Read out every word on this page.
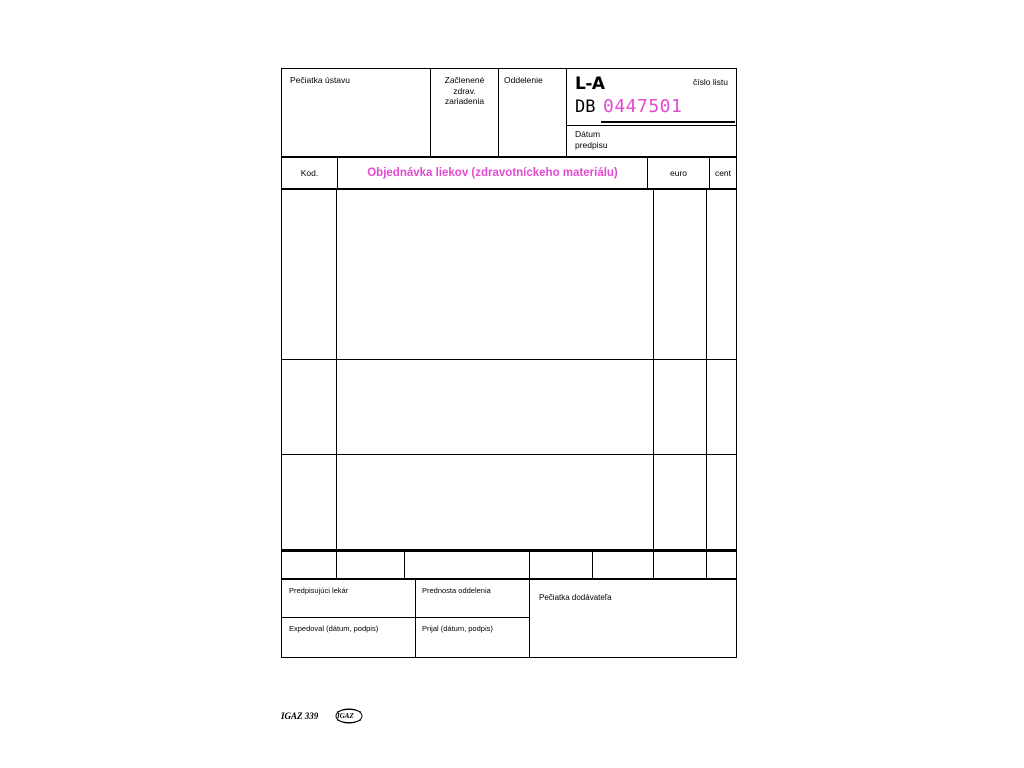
Pečiatka ústavu	Začlenené
zdrav.
zariadenia
Oddelenie	L-A	číslo listu
DB 0447501
Dátum
predpisu
Kod.	Objednávka liekov (zdravotníckeho materiálu)	euro	cent
Predpisujúci lekár	Prednosta oddelenia
Expedoval (dátum, podpis)	Prijal (dátum, podpis)
Pečiatka dodávateľa
IGAZ 339	IGAZ
